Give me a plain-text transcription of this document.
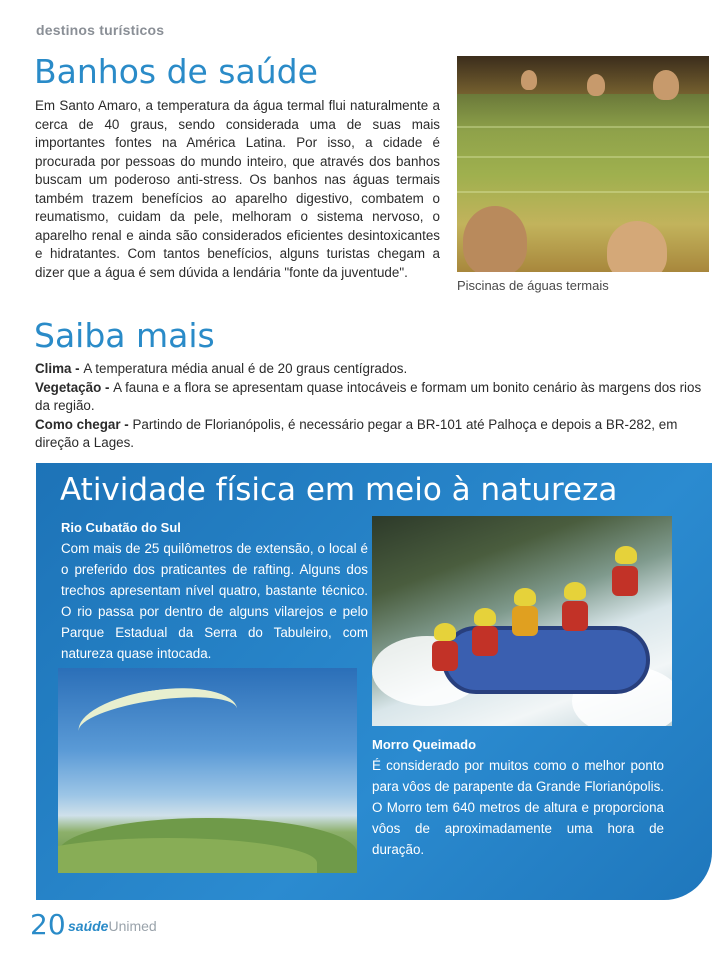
destinos turísticos
Banhos de saúde
Em Santo Amaro, a temperatura da água termal flui naturalmente a cerca de 40 graus, sendo considerada uma de suas mais importantes fontes na América Latina. Por isso, a cidade é procurada por pessoas do mundo inteiro, que através dos banhos buscam um poderoso anti-stress. Os banhos nas águas termais também trazem benefícios ao aparelho digestivo, combatem o reumatismo, cuidam da pele, melhoram o sistema nervoso, o aparelho renal e ainda são considerados eficientes desintoxicantes e hidratantes. Com tantos benefícios, alguns turistas chegam a dizer que a água é sem dúvida a lendária "fonte da juventude".
Piscinas de águas termais
Saiba mais
Clima - A temperatura média anual é de 20 graus centígrados.
Vegetação - A fauna e a flora se apresentam quase intocáveis e formam um bonito cenário às margens dos rios da região.
Como chegar - Partindo de Florianópolis, é necessário pegar a BR-101 até Palhoça e depois a BR-282, em direção a Lages.
Atividade física em meio à natureza
Rio Cubatão do Sul
Com mais de 25 quilômetros de extensão, o local é o preferido dos praticantes de rafting. Alguns dos trechos apresentam nível quatro, bastante técnico. O rio passa por dentro de alguns vilarejos e pelo Parque Estadual da Serra do Tabuleiro, com natureza quase intocada.
Morro Queimado
É considerado por muitos como o melhor ponto para vôos de parapente da Grande Florianópolis. O Morro tem 640 metros de altura e proporciona vôos de aproximadamente uma hora de duração.
20 saúdeUnimed
